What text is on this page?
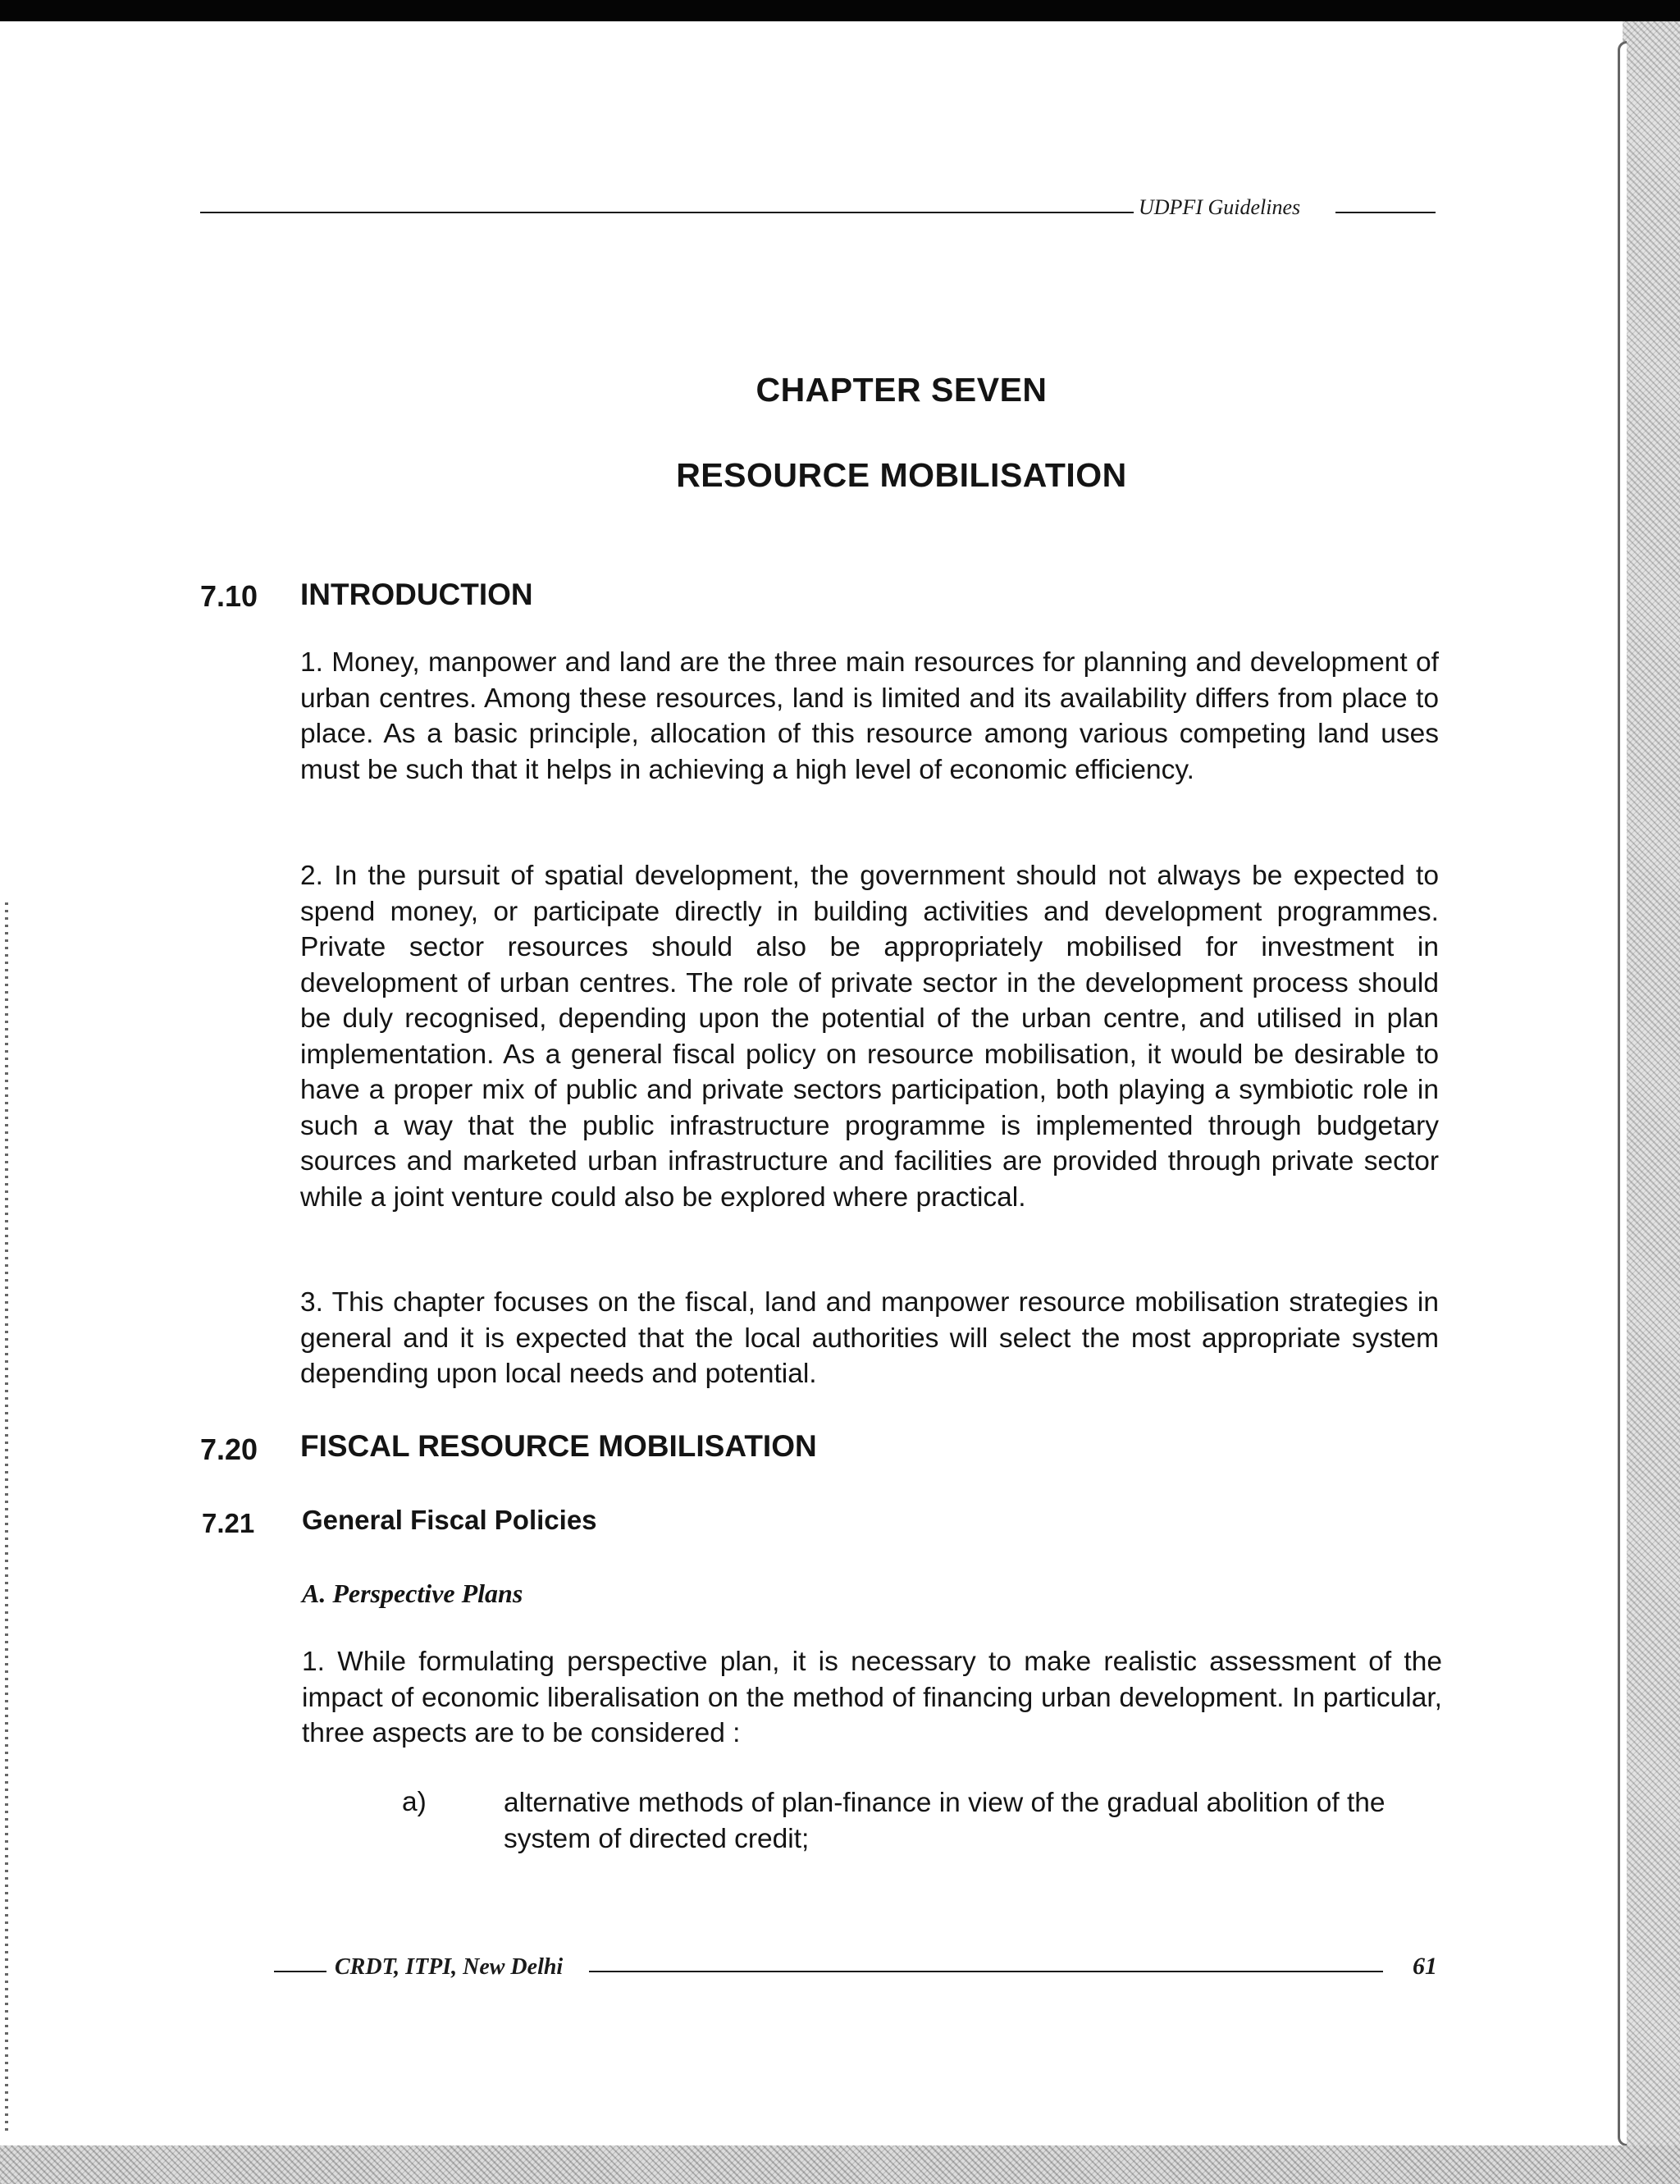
UDPFI Guidelines
CHAPTER SEVEN
RESOURCE MOBILISATION
7.10 INTRODUCTION

1. Money, manpower and land are the three main resources for planning and development of urban centres. Among these resources, land is limited and its availability differs from place to place. As a basic principle, allocation of this resource among various competing land uses must be such that it helps in achieving a high level of economic efficiency.

2. In the pursuit of spatial development, the government should not always be expected to spend money, or participate directly in building activities and development programmes. Private sector resources should also be appropriately mobilised for investment in development of urban centres. The role of private sector in the development process should be duly recognised, depending upon the potential of the urban centre, and utilised in plan implementation. As a general fiscal policy on resource mobilisation, it would be desirable to have a proper mix of public and private sectors participation, both playing a symbiotic role in such a way that the public infrastructure programme is implemented through budgetary sources and marketed urban infrastructure and facilities are provided through private sector while a joint venture could also be explored where practical.

3. This chapter focuses on the fiscal, land and manpower resource mobilisation strategies in general and it is expected that the local authorities will select the most appropriate system depending upon local needs and potential.

7.20 FISCAL RESOURCE MOBILISATION
7.21 General Fiscal Policies
A. Perspective Plans

1. While formulating perspective plan, it is necessary to make realistic assessment of the impact of economic liberalisation on the method of financing urban development. In particular, three aspects are to be considered :

a)	alternative methods of plan-finance in view of the gradual abolition of the system of directed credit;

CRDT, ITPI, New Delhi	61
